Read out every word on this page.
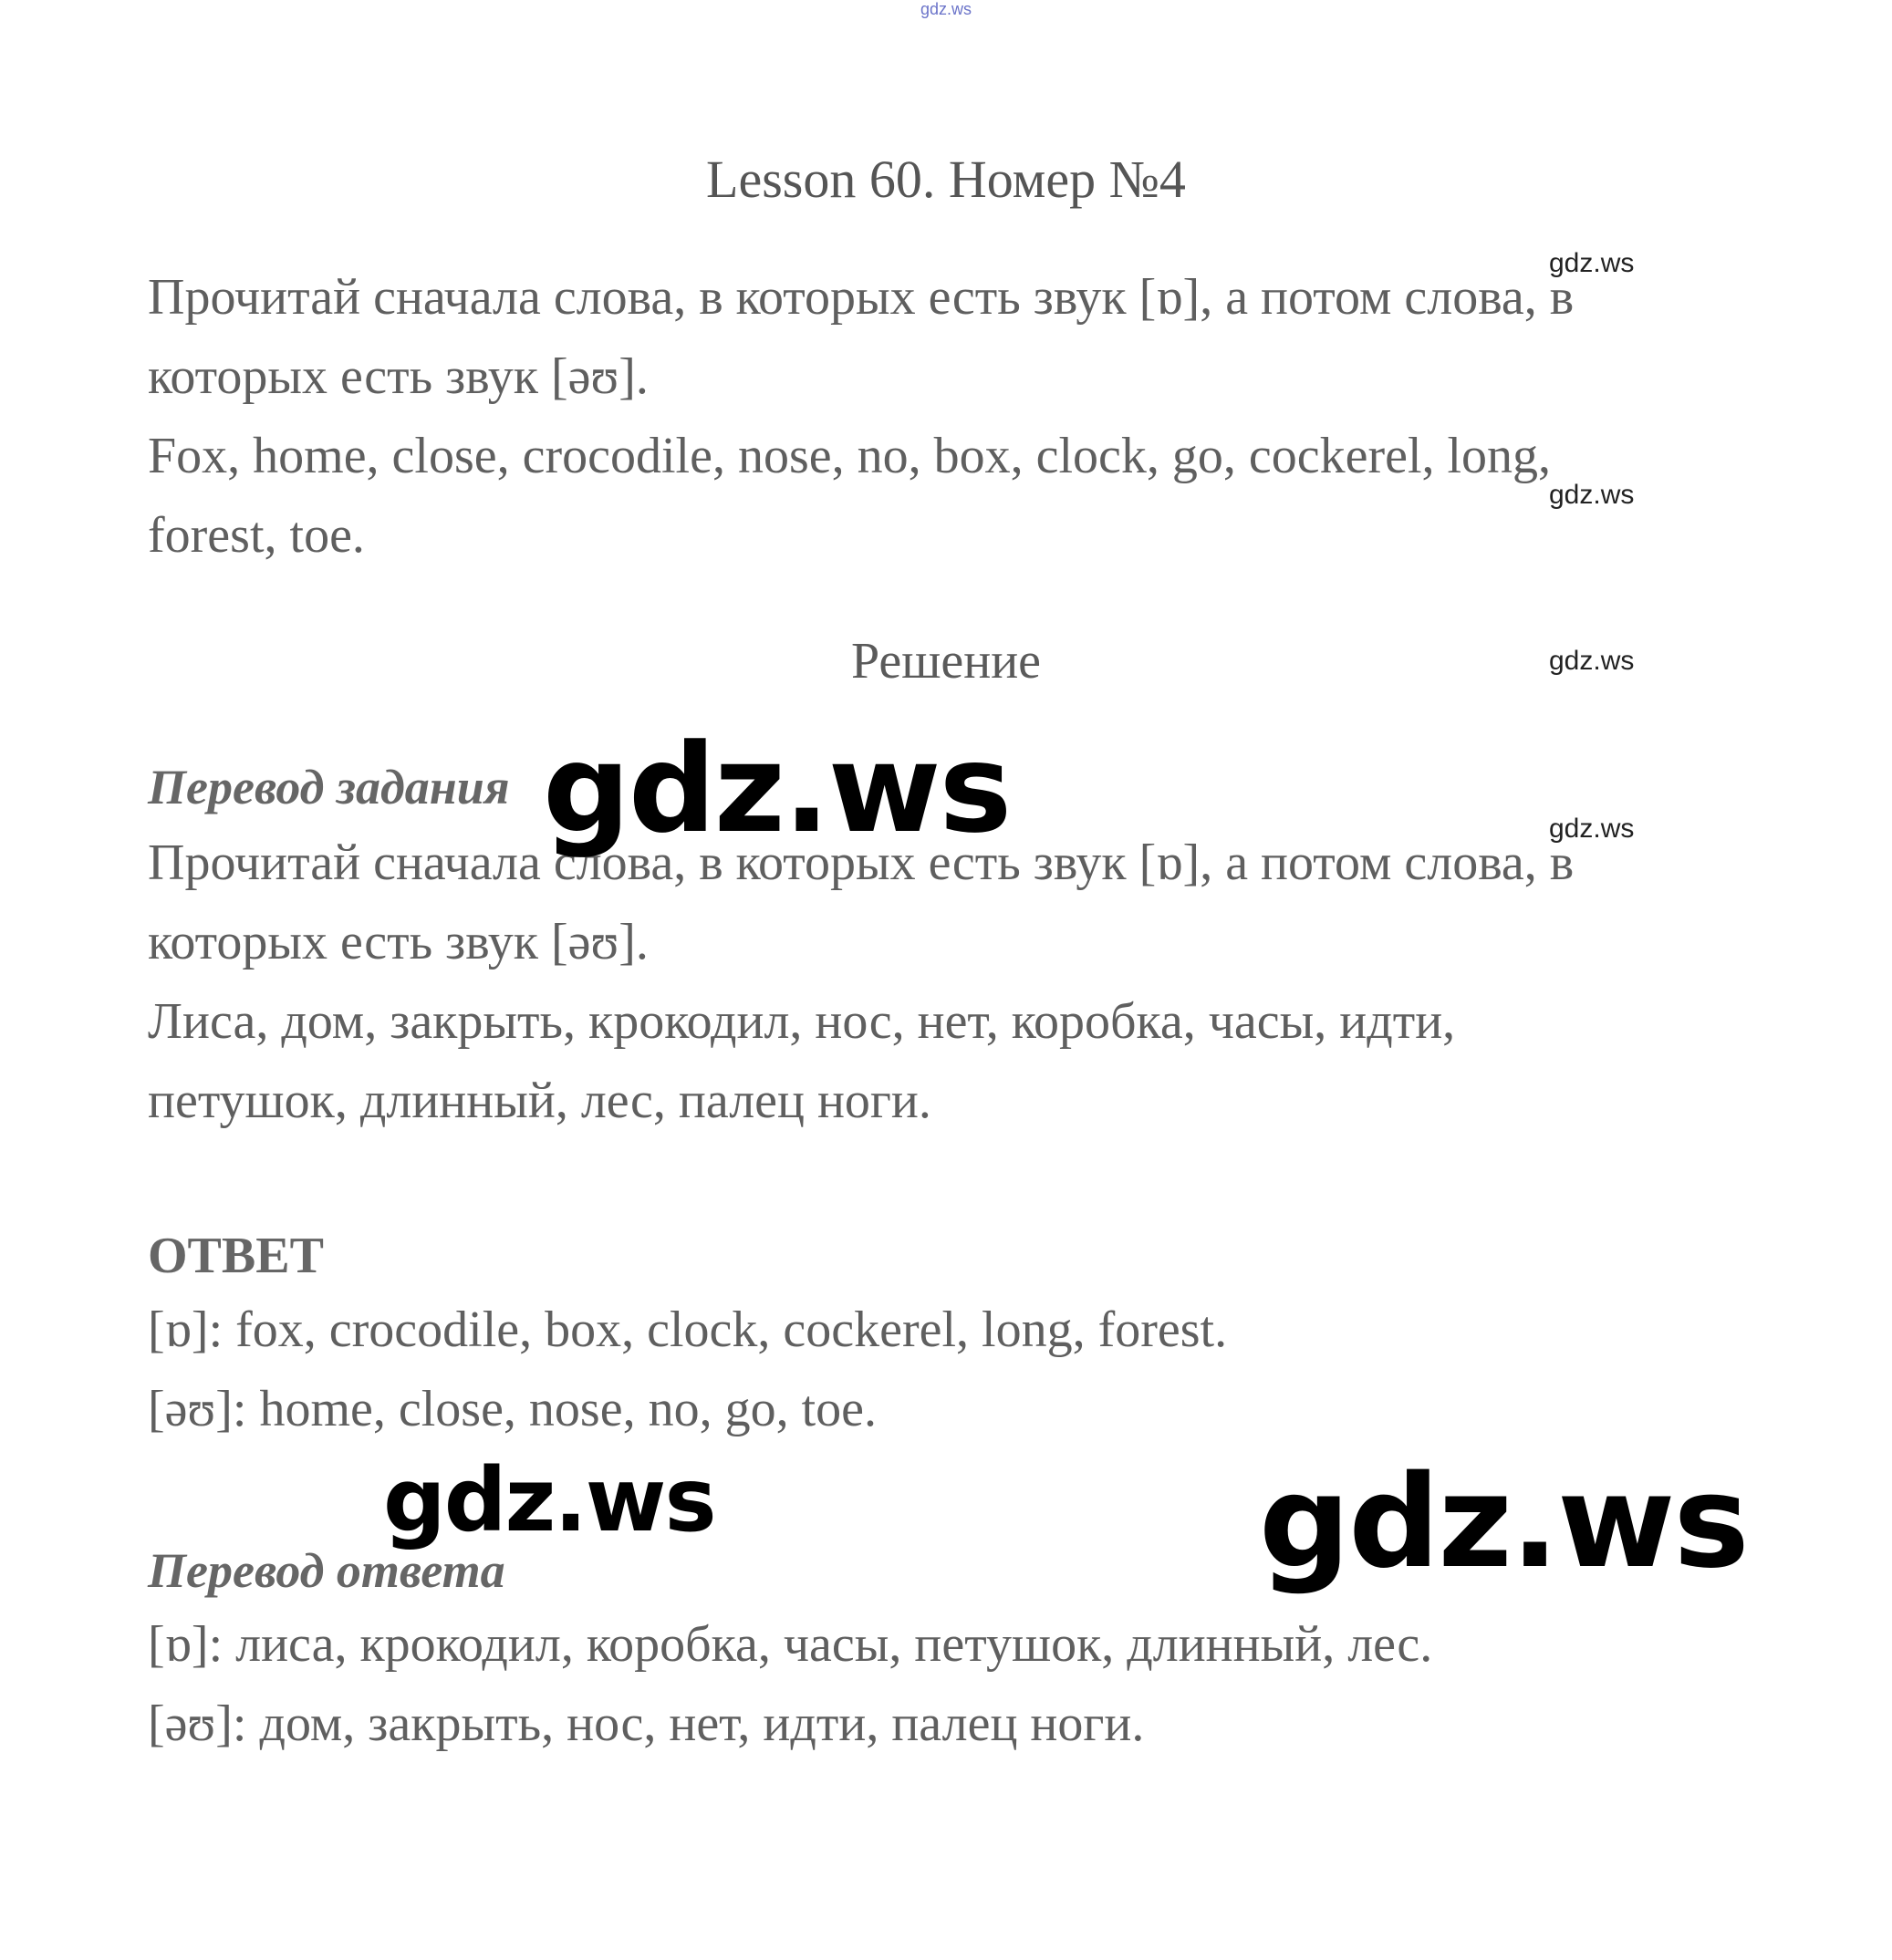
gdz.ws
Lesson 60. Номер №4

Прочитай сначала слова, в которых есть звук [ɒ], а потом слова, в

которых есть звук [əʊ].

Fox, home, close, crocodile, nose, no, box, clock, go, cockerel, long,

forest, toe.

Решение
Перевод задания

Прочитай сначала слова, в которых есть звук [ɒ], а потом слова, в

которых есть звук [əʊ].

Лиса, дом, закрыть, крокодил, нос, нет, коробка, часы, идти,

петушок, длинный, лес, палец ноги.

ОТВЕТ

[ɒ]: fox, crocodile, box, clock, cockerel, long, forest.

[əʊ]: home, close, nose, no, go, toe.

Перевод ответа

[ɒ]: лиса, крокодил, коробка, часы, петушок, длинный, лес.

[əʊ]: дом, закрыть, нос, нет, идти, палец ноги.

gdz.ws
gdz.ws
gdz.ws
gdz.ws
gdz.ws
gdz.ws	gdz.ws
